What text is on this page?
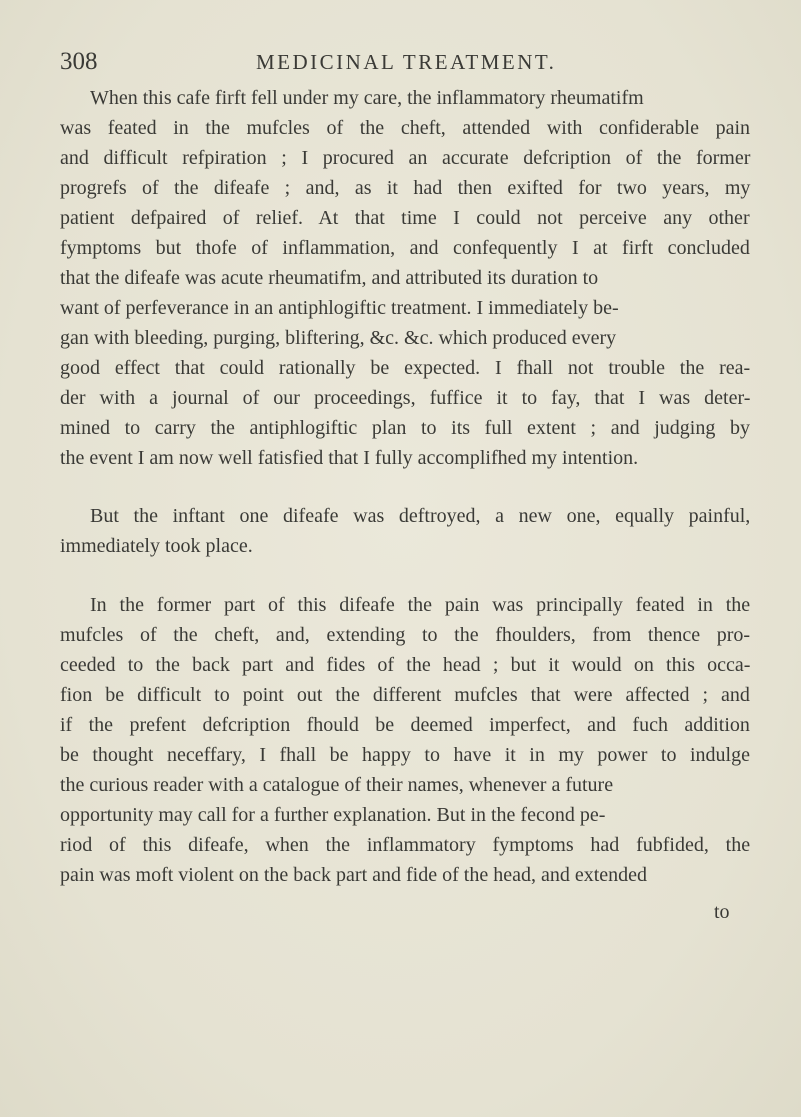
308	MEDICINAL TREATMENT.
When this cafe firft fell under my care, the inflammatory rheumatifm
was feated in the mufcles of the cheft, attended with confiderable pain
and difficult refpiration ; I procured an accurate defcription of the former
progrefs of the difeafe ; and, as it had then exifted for two years, my
patient defpaired of relief. At that time I could not perceive any other
fymptoms but thofe of inflammation, and confequently I at firft concluded
that the difeafe was acute rheumatifm, and attributed its duration to
want of perfeverance in an antiphlogiftic treatment. I immediately be-
gan with bleeding, purging, bliftering, &c. &c. which produced every
good effect that could rationally be expected. I fhall not trouble the rea-
der with a journal of our proceedings, fuffice it to fay, that I was deter-
mined to carry the antiphlogiftic plan to its full extent ; and judging by
the event I am now well fatisfied that I fully accomplifhed my intention.
But the inftant one difeafe was deftroyed, a new one, equally painful,
immediately took place.
In the former part of this difeafe the pain was principally feated in the
mufcles of the cheft, and, extending to the fhoulders, from thence pro-
ceeded to the back part and fides of the head ; but it would on this occa-
fion be difficult to point out the different mufcles that were affected ; and
if the prefent defcription fhould be deemed imperfect, and fuch addition
be thought neceffary, I fhall be happy to have it in my power to indulge
the curious reader with a catalogue of their names, whenever a future
opportunity may call for a further explanation. But in the fecond pe-
riod of this difeafe, when the inflammatory fymptoms had fubfided, the
pain was moft violent on the back part and fide of the head, and extended
to
